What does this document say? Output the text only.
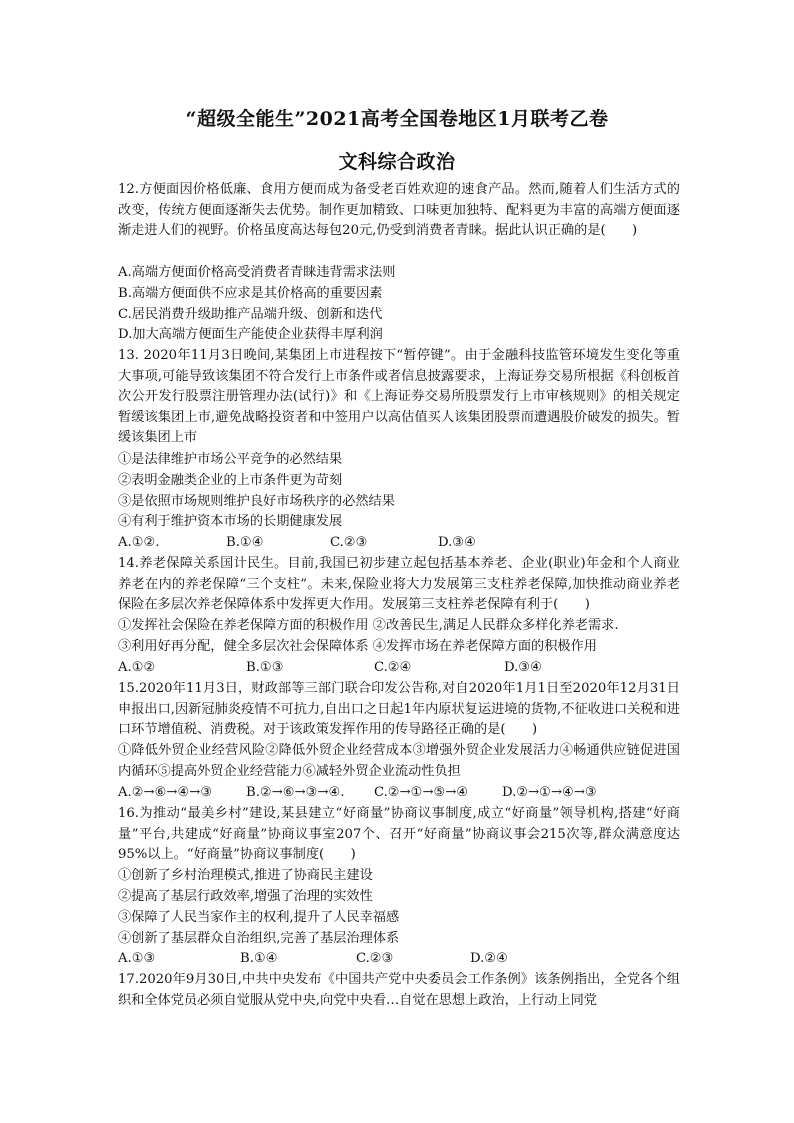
“超级全能生”2021高考全国卷地区1月联考乙卷
文科综合政治
12.方便面因价格低廉、食用方便而成为备受老百姓欢迎的速食产品。然而,随着人们生活方式的改变，传统方便面逐渐失去优势。制作更加精致、口味更加独特、配料更为丰富的高端方便面逐渐走进人们的视野。价格虽度高达每包20元,仍受到消费者青睐。据此认识正确的是(　　)
A.高端方便面价格高受消费者青睐违背需求法则
B.高端方便面供不应求是其价格高的重要因素
C.居民消费升级助推产品端升级、创新和迭代
D.加大高端方便面生产能使企业获得丰厚利润
13. 2020年11月3日晚间,某集团上市进程按下“暂停键”。由于金融科技监管环境发生变化等重大事项,可能导致该集团不符合发行上市条件或者信息披露要求，上海证券交易所根据《科创板首次公开发行股票注册管理办法(试行)》和《上海证券交易所股票发行上市审核规则》的相关规定暂缓该集团上市,避免战略投资者和中签用户以高估值买人该集团股票而遭遇股价破发的损失。暂缓该集团上市
①是法律维护市场公平竞争的必然结果
②表明金融类企业的上市条件更为苛刻
③是依照市场规则维护良好市场秩序的必然结果
④有利于维护资本市场的长期健康发展
A.①②.	B.①④	C.②③	D.③④
14.养老保障关系国计民生。目前,我国已初步建立起包括基本养老、企业(职业)年金和个人商业养老在内的养老保障“三个支柱”。未来,保险业将大力发展第三支柱养老保障,加快推动商业养老保险在多层次养老保障体系中发挥更大作用。发展第三支柱养老保障有利于(　　)
①发挥社会保险在养老保障方面的积极作用 ②改善民生,满足人民群众多样化养老需求.
③利用好再分配，健全多层次社会保障体系 ④发挥市场在养老保障方面的积极作用
A.①②	B.①③	C.②④	D.③④
15.2020年11月3日，财政部等三部门联合印发公告称,对自2020年1月1日至2020年12月31日申报出口,因新冠肺炎疫情不可抗力,自出口之日起1年内原状复运进境的货物,不征收进口关税和进口环节增值税、消费税。对于该政策发挥作用的传导路径正确的是(　　)
①降低外贸企业经营风险②降低外贸企业经营成本③增强外贸企业发展活力④畅通供应链促进国内循环⑤提高外贸企业经营能力⑥减轻外贸企业流动性负担
A.②→⑥→④→③	B.②→⑥→③→④. C.②→①→⑤→④	D.②→①→④→③
16.为推动“最美乡村”建设,某县建立“好商量”协商议事制度,成立“好商量”领导机构,搭建“好商量”平台,共建成“好商量”协商议事室207个、召开“好商量”协商议事会215次等,群众满意度达95%以上。“好商量”协商议事制度(　　)
①创新了乡村治理模式,推进了协商民主建设
②提高了基层行政效率,增强了治理的实效性
③保障了人民当家作主的权利,提升了人民幸福感
④创新了基层群众自治组织,完善了基层治理体系
A.①③	B.①④	C.②③	D.②④
17.2020年9月30日,中共中央发布《中国共产党中央委员会工作条例》该条例指出，全党各个组织和全体党员必须自觉服从党中央,向党中央看…自觉在思想上政治，上行动上同党
